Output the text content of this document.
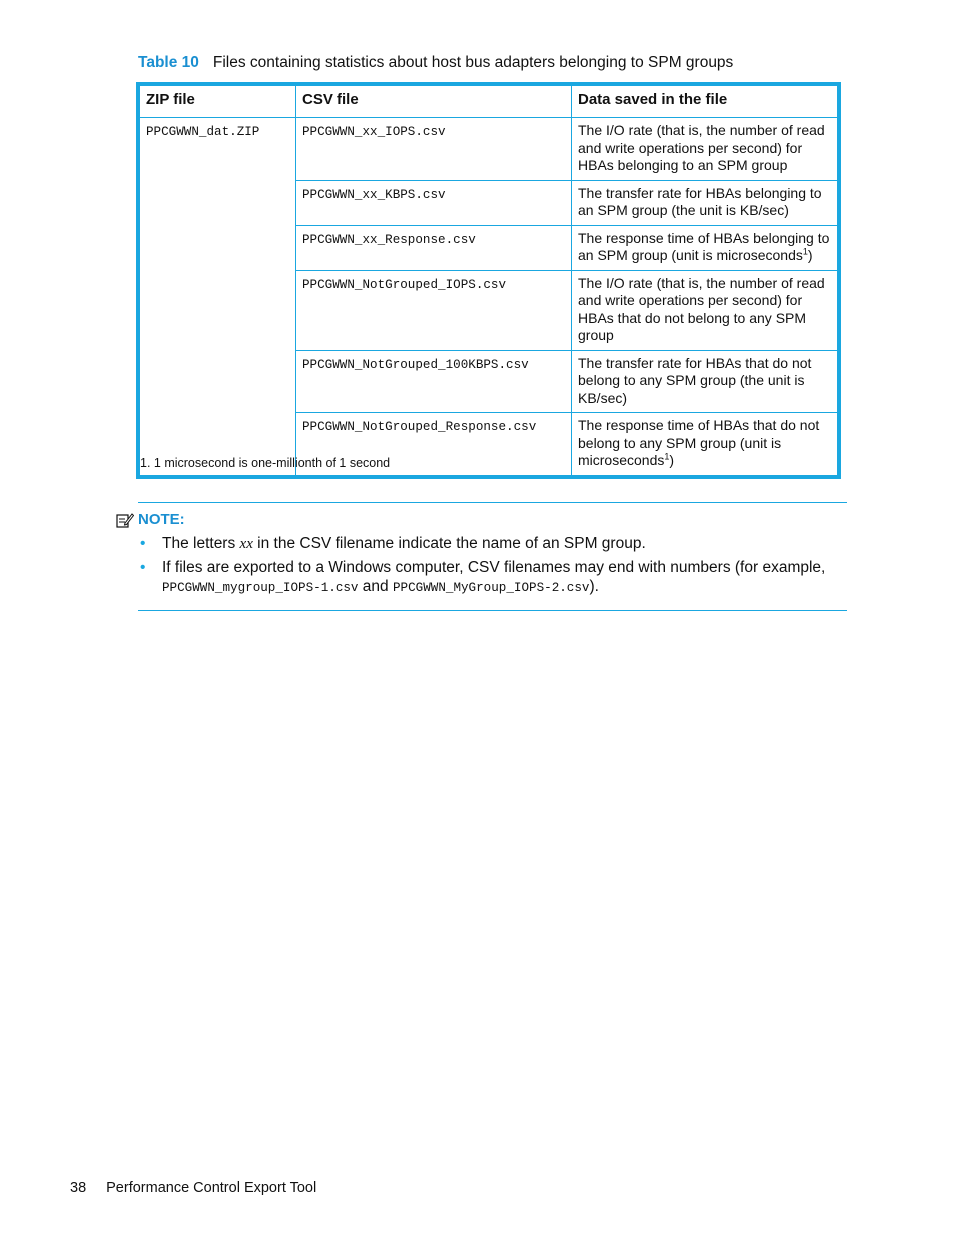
Table 10 Files containing statistics about host bus adapters belonging to SPM groups
ZIP file	CSV file	Data saved in the file
PPCGWWN_dat.ZIP	PPCGWWN_xx_IOPS.csv	The I/O rate (that is, the number of read and write operations per second) for HBAs belonging to an SPM group
	PPCGWWN_xx_KBPS.csv	The transfer rate for HBAs belonging to an SPM group (the unit is KB/sec)
	PPCGWWN_xx_Response.csv	The response time of HBAs belonging to an SPM group (unit is microseconds$^1$)
	PPCGWWN_NotGrouped_IOPS.csv	The I/O rate (that is, the number of read and write operations per second) for HBAs that do not belong to any SPM group
	PPCGWWN_NotGrouped_100KBPS.csv	The transfer rate for HBAs that do not belong to any SPM group (the unit is KB/sec)
	PPCGWWN_NotGrouped_Response.csv	The response time of HBAs that do not belong to any SPM group (unit is microseconds$^1$)
1. 1 microsecond is one-millionth of 1 second
NOTE:
• The letters xx in the CSV filename indicate the name of an SPM group.
• If files are exported to a Windows computer, CSV filenames may end with numbers (for example,
PPCGWWN_mygroup_IOPS-1.csv and PPCGWWN_MyGroup_IOPS-2.csv).
38 Performance Control Export Tool
